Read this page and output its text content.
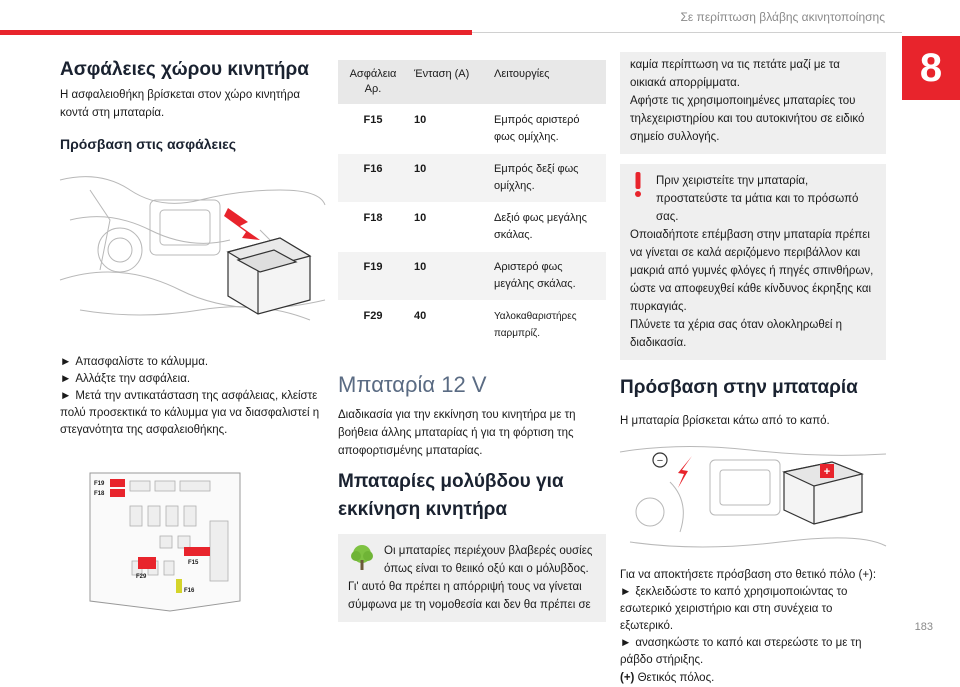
Σε περίπτωση βλάβης ακινητοποίησης
8
183
Ασφάλειες χώρου κινητήρα

Η ασφαλειοθήκη βρίσκεται στον χώρο κινητήρα κοντά στη μπαταρία.

Πρόσβαση στις ασφάλειες
► Απασφαλίστε το κάλυμμα.
► Αλλάξτε την ασφάλεια.
► Μετά την αντικατάσταση της ασφάλειας, κλείστε πολύ προσεκτικά το κάλυμμα για να διασφαλιστεί η στεγανότητα της ασφαλειοθήκης.
F19
F18
F15
F29
F16
Ασφάλεια Αρ.	Ένταση (A)	Λειτουργίες
F15	10	Εμπρός αριστερό φως ομίχλης.
F16	10	Εμπρός δεξί φως ομίχλης.
F18	10	Δεξιό φως μεγάλης σκάλας.
F19	10	Αριστερό φως μεγάλης σκάλας.
F29	40	Υαλοκαθαριστήρες παρμπρίζ.
Μπαταρία 12 V

Διαδικασία για την εκκίνηση του κινητήρα με τη βοήθεια άλλης μπαταρίας ή για τη φόρτιση της αποφορτισμένης μπαταρίας.

Μπαταρίες μολύβδου για εκκίνηση κινητήρα

Οι μπαταρίες περιέχουν βλαβερές ουσίες όπως είναι το θειικό οξύ και ο μόλυβδος.

Γι' αυτό θα πρέπει η απόρριψή τους να γίνεται σύμφωνα με τη νομοθεσία και δεν θα πρέπει σε

καμία περίπτωση να τις πετάτε μαζί με τα οικιακά απορρίμματα.

Αφήστε τις χρησιμοποιημένες μπαταρίες του τηλεχειριστηρίου και του αυτοκινήτου σε ειδικό σημείο συλλογής.

Πριν χειριστείτε την μπαταρία, προστατεύστε τα μάτια και το πρόσωπό σας.

Οποιαδήποτε επέμβαση στην μπαταρία πρέπει να γίνεται σε καλά αεριζόμενο περιβάλλον και μακριά από γυμνές φλόγες ή πηγές σπινθήρων, ώστε να αποφευχθεί κάθε κίνδυνος έκρηξης και πυρκαγιάς.

Πλύνετε τα χέρια σας όταν ολοκληρωθεί η διαδικασία.

Πρόσβαση στην μπαταρία

Η μπαταρία βρίσκεται κάτω από το καπό.

−
+

Για να αποκτήσετε πρόσβαση στο θετικό πόλο (+):

► ξεκλειδώστε το καπό χρησιμοποιώντας το εσωτερικό χειριστήριο και στη συνέχεια το εξωτερικό.
► ανασηκώστε το καπό και στερεώστε το με τη ράβδο στήριξης.

(+) Θετικός πόλος.
